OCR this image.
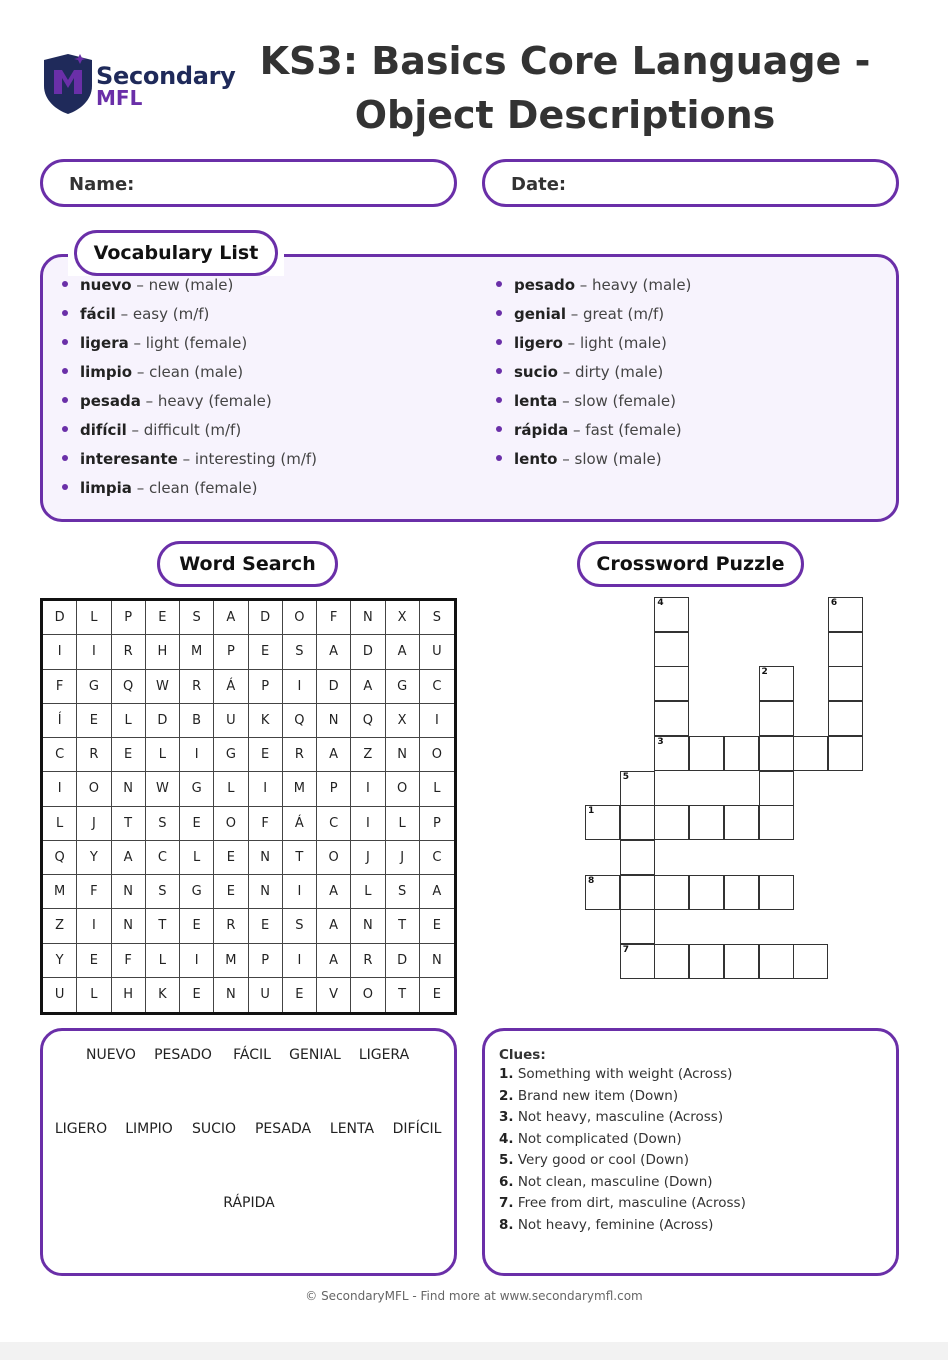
Secondary
MFL
KS3: Basics Core Language -
Object Descriptions
Name:	Date:
Vocabulary List
nuevo – new (male)
fácil – easy (m/f)
ligera – light (female)
limpio – clean (male)
pesada – heavy (female)
difícil – difficult (m/f)
interesante – interesting (m/f)
limpia – clean (female)
pesado – heavy (male)
genial – great (m/f)
ligero – light (male)
sucio – dirty (male)
lenta – slow (female)
rápida – fast (female)
lento – slow (male)
Word Search
D	L	P	E	S	A	D	O	F	N	X	S
I	I	R	H	M	P	E	S	A	D	A	U
F	G	Q	W	R	Á	P	I	D	A	G	C
Í	E	L	D	B	U	K	Q	N	Q	X	I
C	R	E	L	I	G	E	R	A	Z	N	O
I	O	N	W	G	L	I	M	P	I	O	L
L	J	T	S	E	O	F	Á	C	I	L	P
Q	Y	A	C	L	E	N	T	O	J	J	C
M	F	N	S	G	E	N	I	A	L	S	A
Z	I	N	T	E	R	E	S	A	N	T	E
Y	E	F	L	I	M	P	I	A	R	D	N
U	L	H	K	E	N	U	E	V	O	T	E
NUEVO PESADO FÁCIL GENIAL LIGERA
LIGERO LIMPIO SUCIO PESADA LENTA DIFÍCIL
RÁPIDA
Crossword Puzzle
4	6
2
3
5
1
8
7
Clues:
1. Something with weight (Across)
2. Brand new item (Down)
3. Not heavy, masculine (Across)
4. Not complicated (Down)
5. Very good or cool (Down)
6. Not clean, masculine (Down)
7. Free from dirt, masculine (Across)
8. Not heavy, feminine (Across)
© SecondaryMFL - Find more at www.secondarymfl.com
